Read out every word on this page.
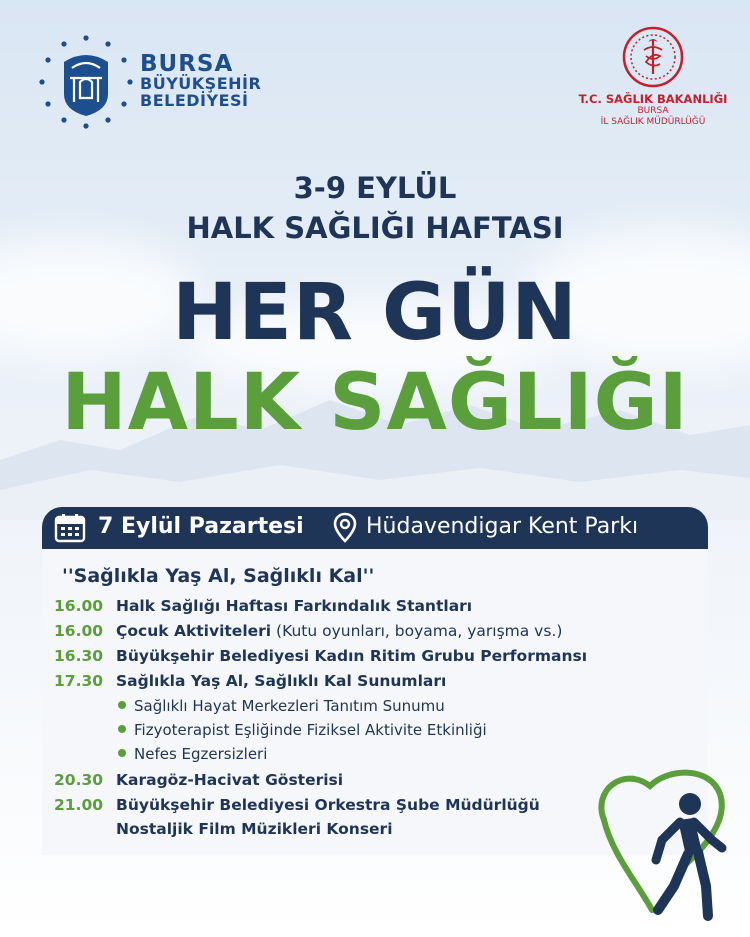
BURSA
BÜYÜKŞEHİR
BELEDİYESİ	T.C. SAĞLIK BAKANLIĞI
BURSA
İL SAĞLIK MÜDÜRLÜĞÜ
3-9 EYLÜL
HALK SAĞLIĞI HAFTASI
HER GÜN
HALK SAĞLIĞI
7 Eylül Pazartesi	Hüdavendigar Kent Parkı
''Sağlıkla Yaş Al, Sağlıklı Kal''
16.00 Halk Sağlığı Haftası Farkındalık Stantları
16.00 Çocuk Aktiviteleri (Kutu oyunları, boyama, yarışma vs.)
16.30 Büyükşehir Belediyesi Kadın Ritim Grubu Performansı
17.30 Sağlıkla Yaş Al, Sağlıklı Kal Sunumları
Sağlıklı Hayat Merkezleri Tanıtım Sunumu
Fizyoterapist Eşliğinde Fiziksel Aktivite Etkinliği
Nefes Egzersizleri
20.30 Karagöz-Hacivat Gösterisi
21.00 Büyükşehir Belediyesi Orkestra Şube Müdürlüğü
Nostaljik Film Müzikleri Konseri
